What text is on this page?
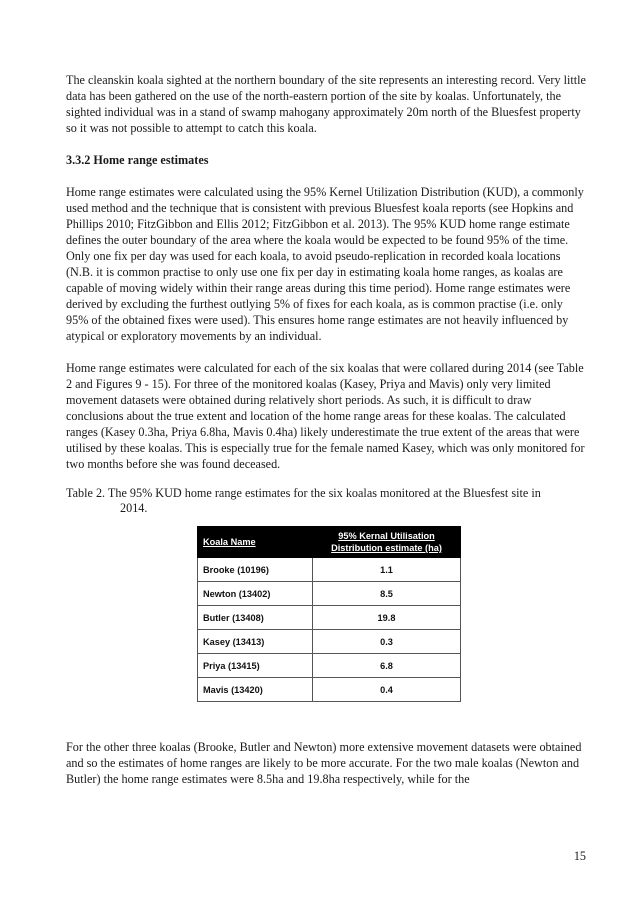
The cleanskin koala sighted at the northern boundary of the site represents an interesting record. Very little data has been gathered on the use of the north-eastern portion of the site by koalas. Unfortunately, the sighted individual was in a stand of swamp mahogany approximately 20m north of the Bluesfest property so it was not possible to attempt to catch this koala.

3.3.2 Home range estimates

Home range estimates were calculated using the 95% Kernel Utilization Distribution (KUD), a commonly used method and the technique that is consistent with previous Bluesfest koala reports (see Hopkins and Phillips 2010; FitzGibbon and Ellis 2012; FitzGibbon et al. 2013). The 95% KUD home range estimate defines the outer boundary of the area where the koala would be expected to be found 95% of the time. Only one fix per day was used for each koala, to avoid pseudo-replication in recorded koala locations (N.B. it is common practise to only use one fix per day in estimating koala home ranges, as koalas are capable of moving widely within their range areas during this time period). Home range estimates were derived by excluding the furthest outlying 5% of fixes for each koala, as is common practise (i.e. only 95% of the obtained fixes were used). This ensures home range estimates are not heavily influenced by atypical or exploratory movements by an individual.

Home range estimates were calculated for each of the six koalas that were collared during 2014 (see Table 2 and Figures 9 - 15). For three of the monitored koalas (Kasey, Priya and Mavis) only very limited movement datasets were obtained during relatively short periods. As such, it is difficult to draw conclusions about the true extent and location of the home range areas for these koalas. The calculated ranges (Kasey 0.3ha, Priya 6.8ha, Mavis 0.4ha) likely underestimate the true extent of the areas that were utilised by these koalas. This is especially true for the female named Kasey, which was only monitored for two months before she was found deceased.

Table 2. The 95% KUD home range estimates for the six koalas monitored at the Bluesfest site in
2014.

Koala Name	95% Kernal Utilisation Distribution estimate (ha)
Brooke (10196)	1.1
Newton (13402)	8.5
Butler (13408)	19.8
Kasey (13413)	0.3
Priya (13415)	6.8
Mavis (13420)	0.4

For the other three koalas (Brooke, Butler and Newton) more extensive movement datasets were obtained and so the estimates of home ranges are likely to be more accurate. For the two male koalas (Newton and Butler) the home range estimates were 8.5ha and 19.8ha respectively, while for the

15
